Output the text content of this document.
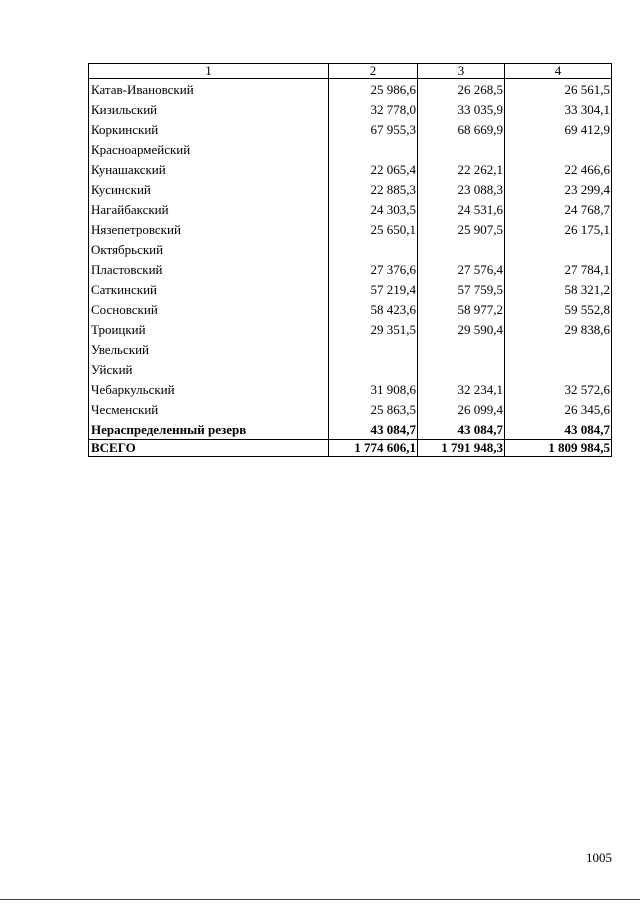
1	2	3	4
Катав-Ивановский	25 986,6	26 268,5	26 561,5
Кизильский	32 778,0	33 035,9	33 304,1
Коркинский	67 955,3	68 669,9	69 412,9
Красноармейский			
Кунашакский	22 065,4	22 262,1	22 466,6
Кусинский	22 885,3	23 088,3	23 299,4
Нагайбакский	24 303,5	24 531,6	24 768,7
Нязепетровский	25 650,1	25 907,5	26 175,1
Октябрьский			
Пластовский	27 376,6	27 576,4	27 784,1
Саткинский	57 219,4	57 759,5	58 321,2
Сосновский	58 423,6	58 977,2	59 552,8
Троицкий	29 351,5	29 590,4	29 838,6
Увельский			
Уйский			
Чебаркульский	31 908,6	32 234,1	32 572,6
Чесменский	25 863,5	26 099,4	26 345,6
Нераспределенный резерв	43 084,7	43 084,7	43 084,7
ВСЕГО	1 774 606,1	1 791 948,3	1 809 984,5
1005
